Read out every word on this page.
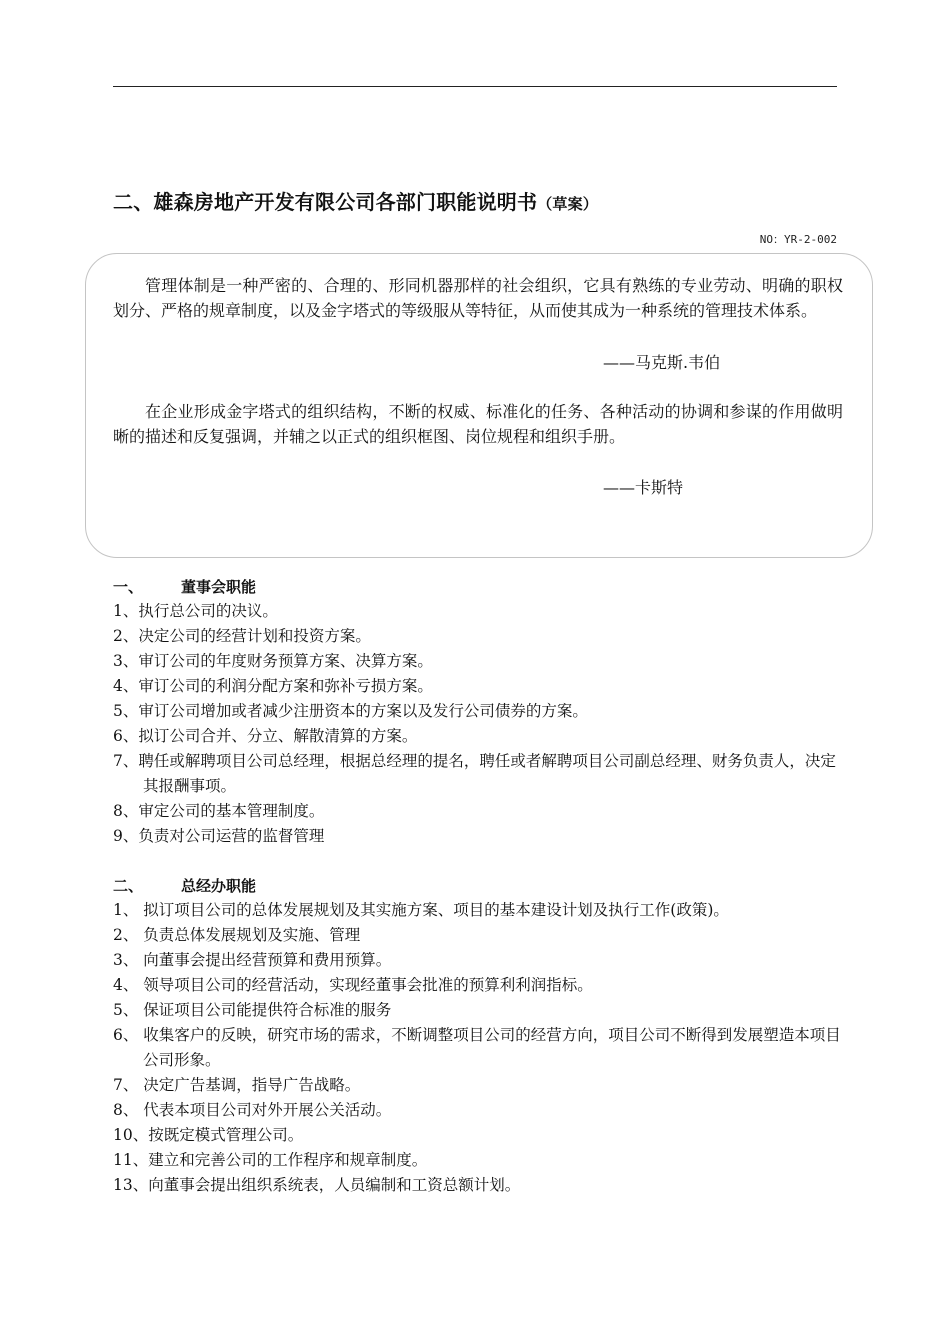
二、雄森房地产开发有限公司各部门职能说明书（草案）
NO：YR-2-002

管理体制是一种严密的、合理的、形同机器那样的社会组织，它具有熟练的专业劳动、明确的职权划分、严格的规章制度，以及金字塔式的等级服从等特征，从而使其成为一种系统的管理技术体系。

——马克斯.韦伯

在企业形成金字塔式的组织结构，不断的权威、标准化的任务、各种活动的协调和参谋的作用做明晰的描述和反复强调，并辅之以正式的组织框图、岗位规程和组织手册。

——卡斯特
一、	董事会职能
1、执行总公司的决议。
2、决定公司的经营计划和投资方案。
3、审订公司的年度财务预算方案、决算方案。
4、审订公司的利润分配方案和弥补亏损方案。
5、审订公司增加或者减少注册资本的方案以及发行公司债券的方案。
6、拟订公司合并、分立、解散清算的方案。
7、聘任或解聘项目公司总经理，根据总经理的提名，聘任或者解聘项目公司副总经理、财务负责人，决定其报酬事项。
8、审定公司的基本管理制度。
9、负责对公司运营的监督管理
二、	总经办职能
1、 拟订项目公司的总体发展规划及其实施方案、项目的基本建设计划及执行工作(政策)。
2、 负责总体发展规划及实施、管理
3、 向董事会提出经营预算和费用预算。
4、 领导项目公司的经营活动，实现经董事会批准的预算利利润指标。
5、 保证项目公司能提供符合标准的服务
6、 收集客户的反映，研究市场的需求，不断调整项目公司的经营方向，项目公司不断得到发展塑造本项目公司形象。
7、 决定广告基调，指导广告战略。
8、 代表本项目公司对外开展公关活动。
10、按既定模式管理公司。
11、建立和完善公司的工作程序和规章制度。
13、向董事会提出组织系统表，人员编制和工资总额计划。
